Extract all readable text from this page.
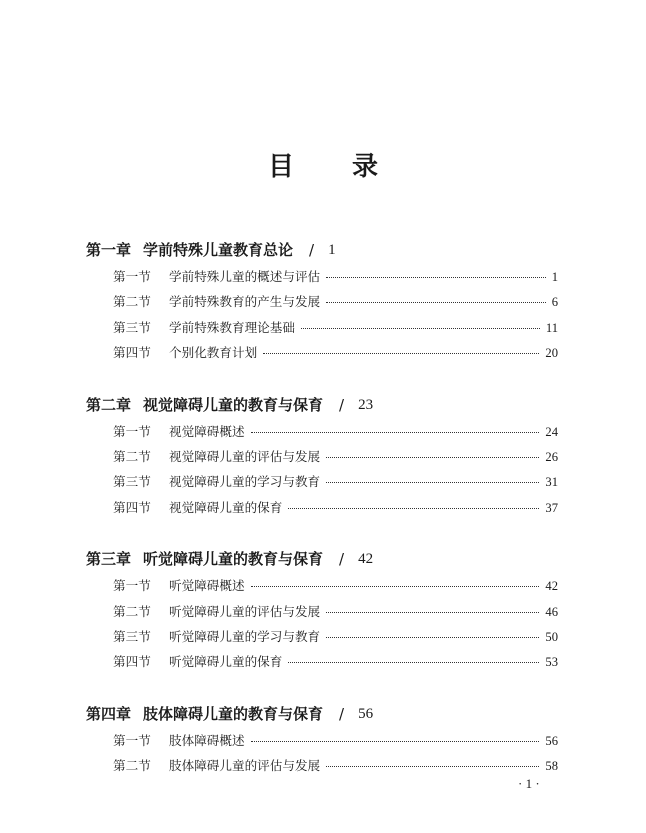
目录
第一章 学前特殊儿童教育总论 / 1
第一节	学前特殊儿童的概述与评估	1
第二节	学前特殊教育的产生与发展	6
第三节	学前特殊教育理论基础	11
第四节	个别化教育计划	20
第二章 视觉障碍儿童的教育与保育 / 23
第一节	视觉障碍概述	24
第二节	视觉障碍儿童的评估与发展	26
第三节	视觉障碍儿童的学习与教育	31
第四节	视觉障碍儿童的保育	37
第三章 听觉障碍儿童的教育与保育 / 42
第一节	听觉障碍概述	42
第二节	听觉障碍儿童的评估与发展	46
第三节	听觉障碍儿童的学习与教育	50
第四节	听觉障碍儿童的保育	53
第四章 肢体障碍儿童的教育与保育 / 56
第一节	肢体障碍概述	56
第二节	肢体障碍儿童的评估与发展	58
· 1 ·
